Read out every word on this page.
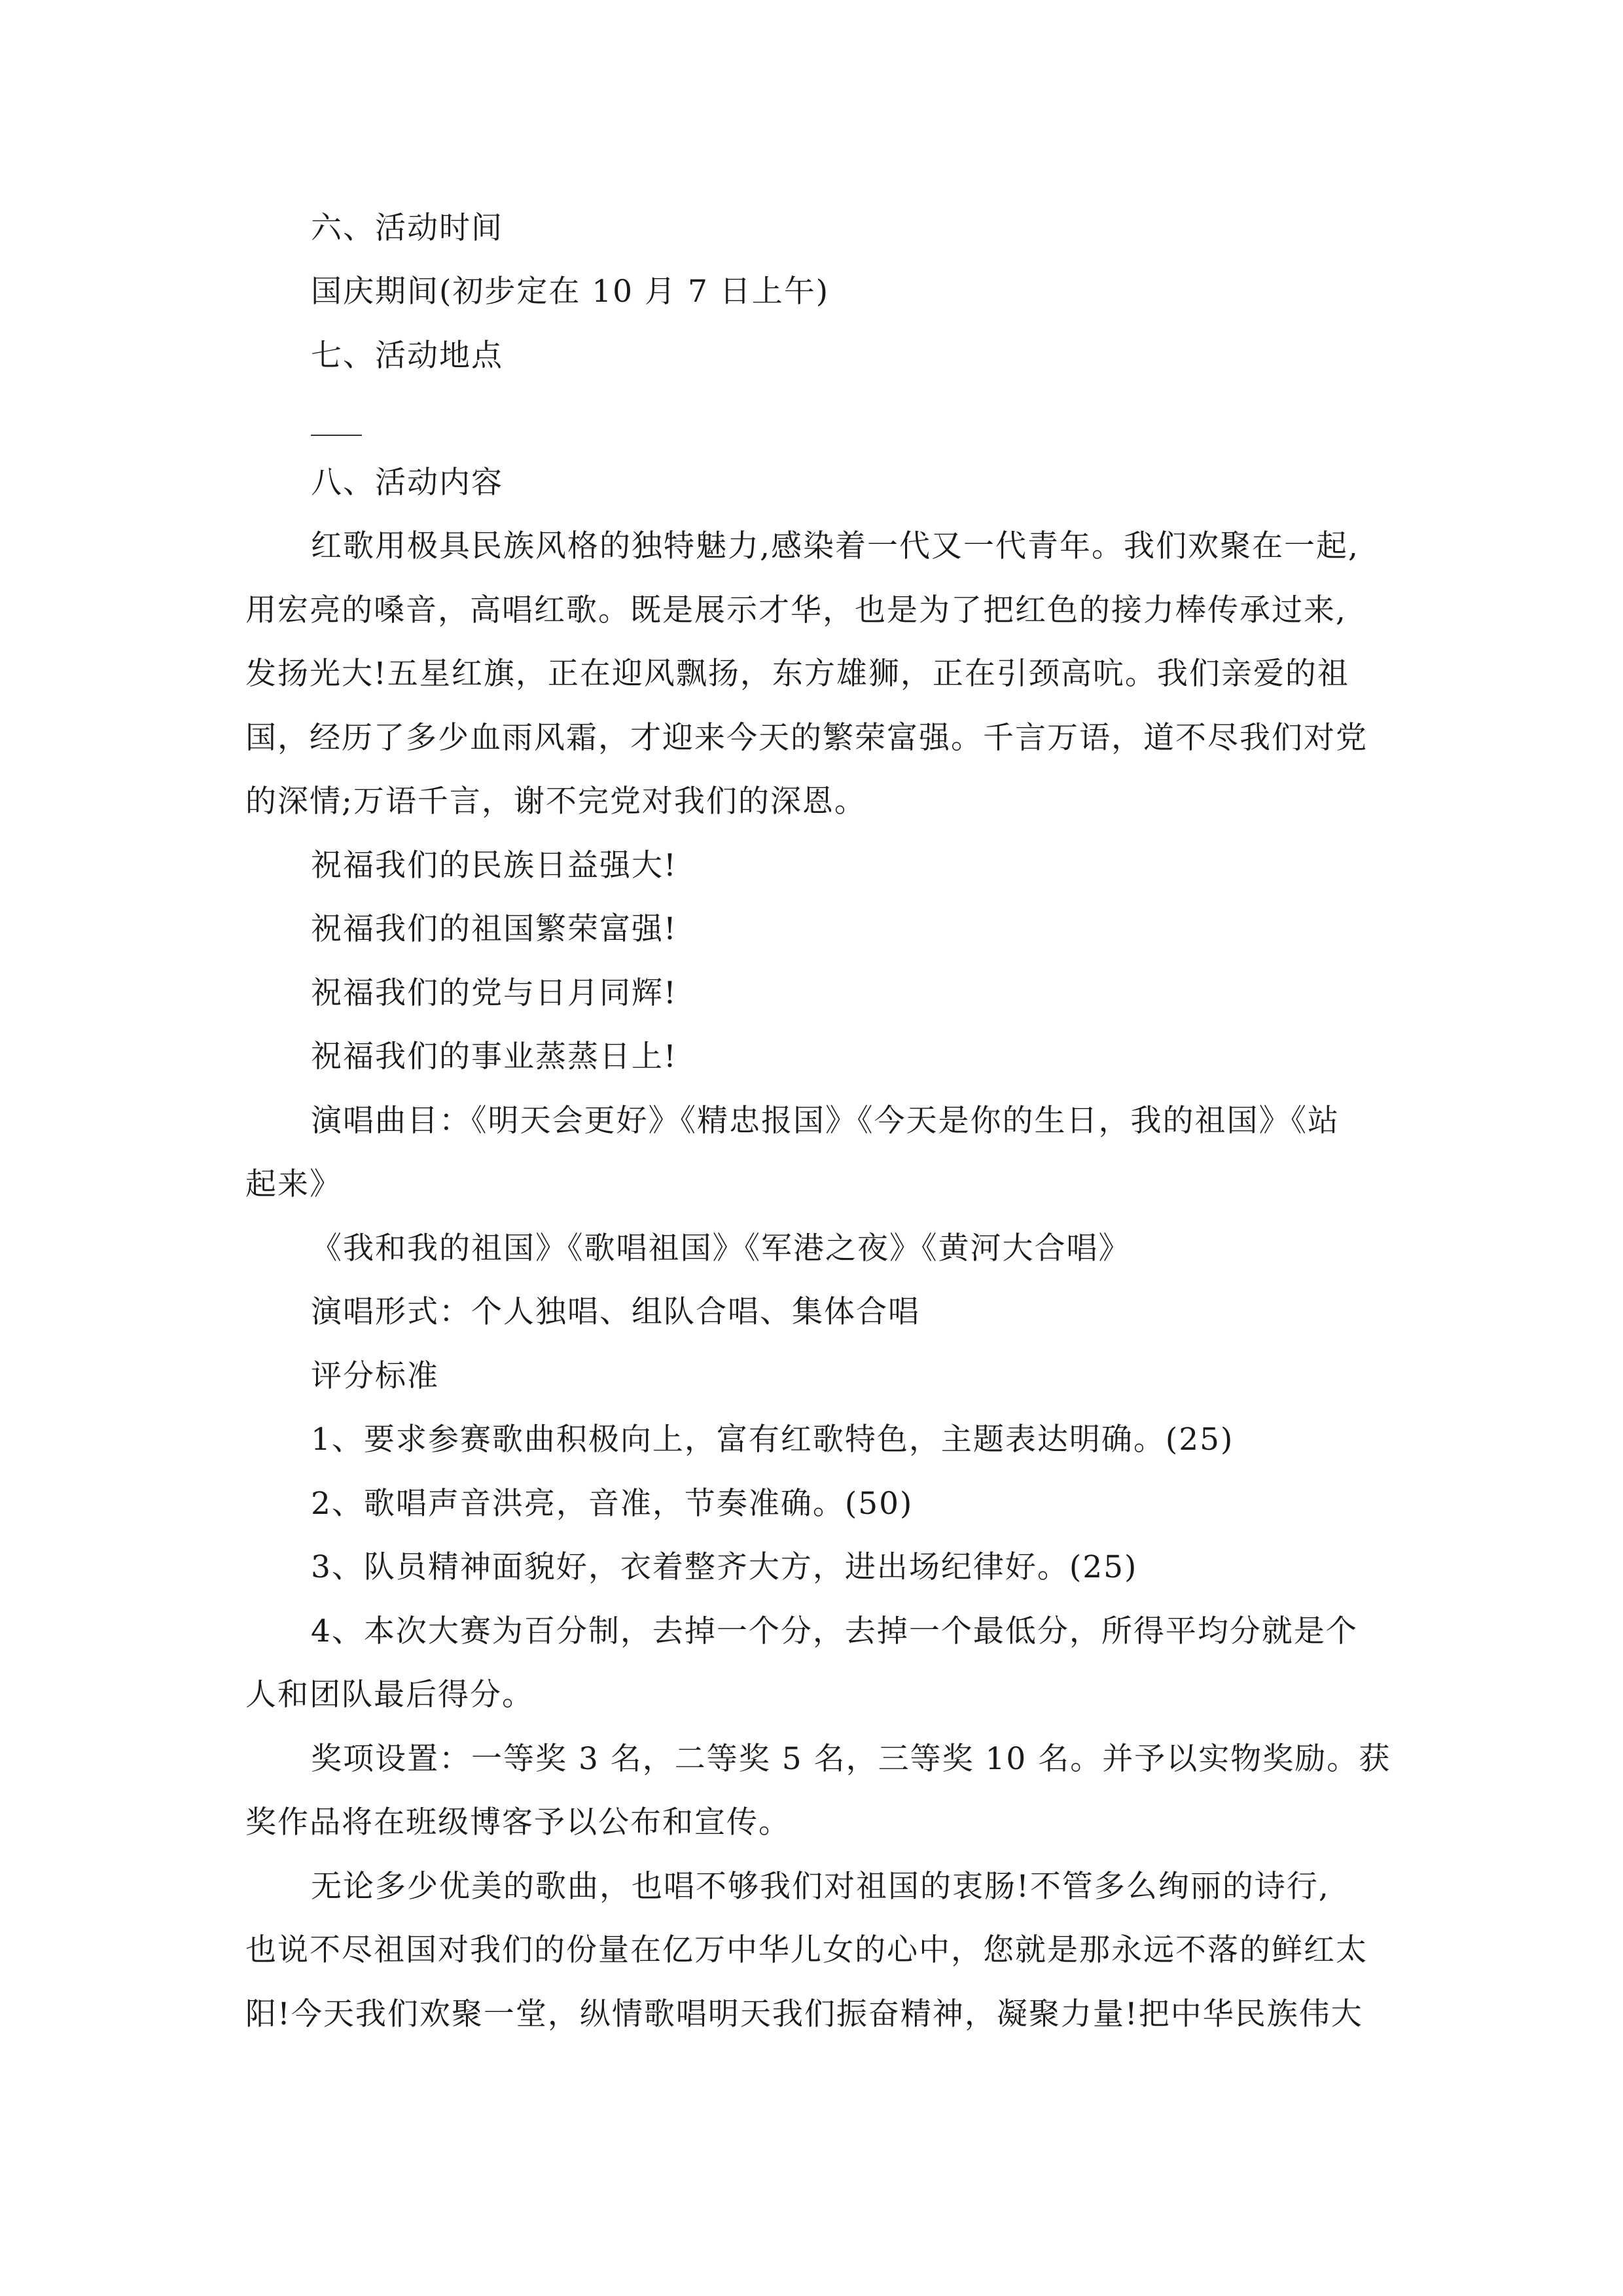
六、活动时间
国庆期间(初步定在 10 月 7 日上午)
七、活动地点
八、活动内容
红歌用极具民族风格的独特魅力,感染着一代又一代青年。我们欢聚在一起,
用宏亮的嗓音，高唱红歌。既是展示才华，也是为了把红色的接力棒传承过来,
发扬光大!五星红旗，正在迎风飘扬，东方雄狮，正在引颈高吭。我们亲爱的祖
国，经历了多少血雨风霜，才迎来今天的繁荣富强。千言万语，道不尽我们对党
的深情;万语千言，谢不完党对我们的深恩。
祝福我们的民族日益强大!
祝福我们的祖国繁荣富强!
祝福我们的党与日月同辉!
祝福我们的事业蒸蒸日上!
演唱曲目：《明天会更好》《精忠报国》《今天是你的生日，我的祖国》《站
起来》
《我和我的祖国》《歌唱祖国》《军港之夜》《黄河大合唱》
演唱形式：个人独唱、组队合唱、集体合唱
评分标准
1、要求参赛歌曲积极向上，富有红歌特色，主题表达明确。(25)
2、歌唱声音洪亮，音准，节奏准确。(50)
3、队员精神面貌好，衣着整齐大方，进出场纪律好。(25)
4、本次大赛为百分制，去掉一个分，去掉一个最低分，所得平均分就是个
人和团队最后得分。
奖项设置：一等奖 3 名，二等奖 5 名，三等奖 10 名。并予以实物奖励。获
奖作品将在班级博客予以公布和宣传。
无论多少优美的歌曲，也唱不够我们对祖国的衷肠!不管多么绚丽的诗行,
也说不尽祖国对我们的份量在亿万中华儿女的心中，您就是那永远不落的鲜红太
阳!今天我们欢聚一堂，纵情歌唱明天我们振奋精神，凝聚力量!把中华民族伟大
